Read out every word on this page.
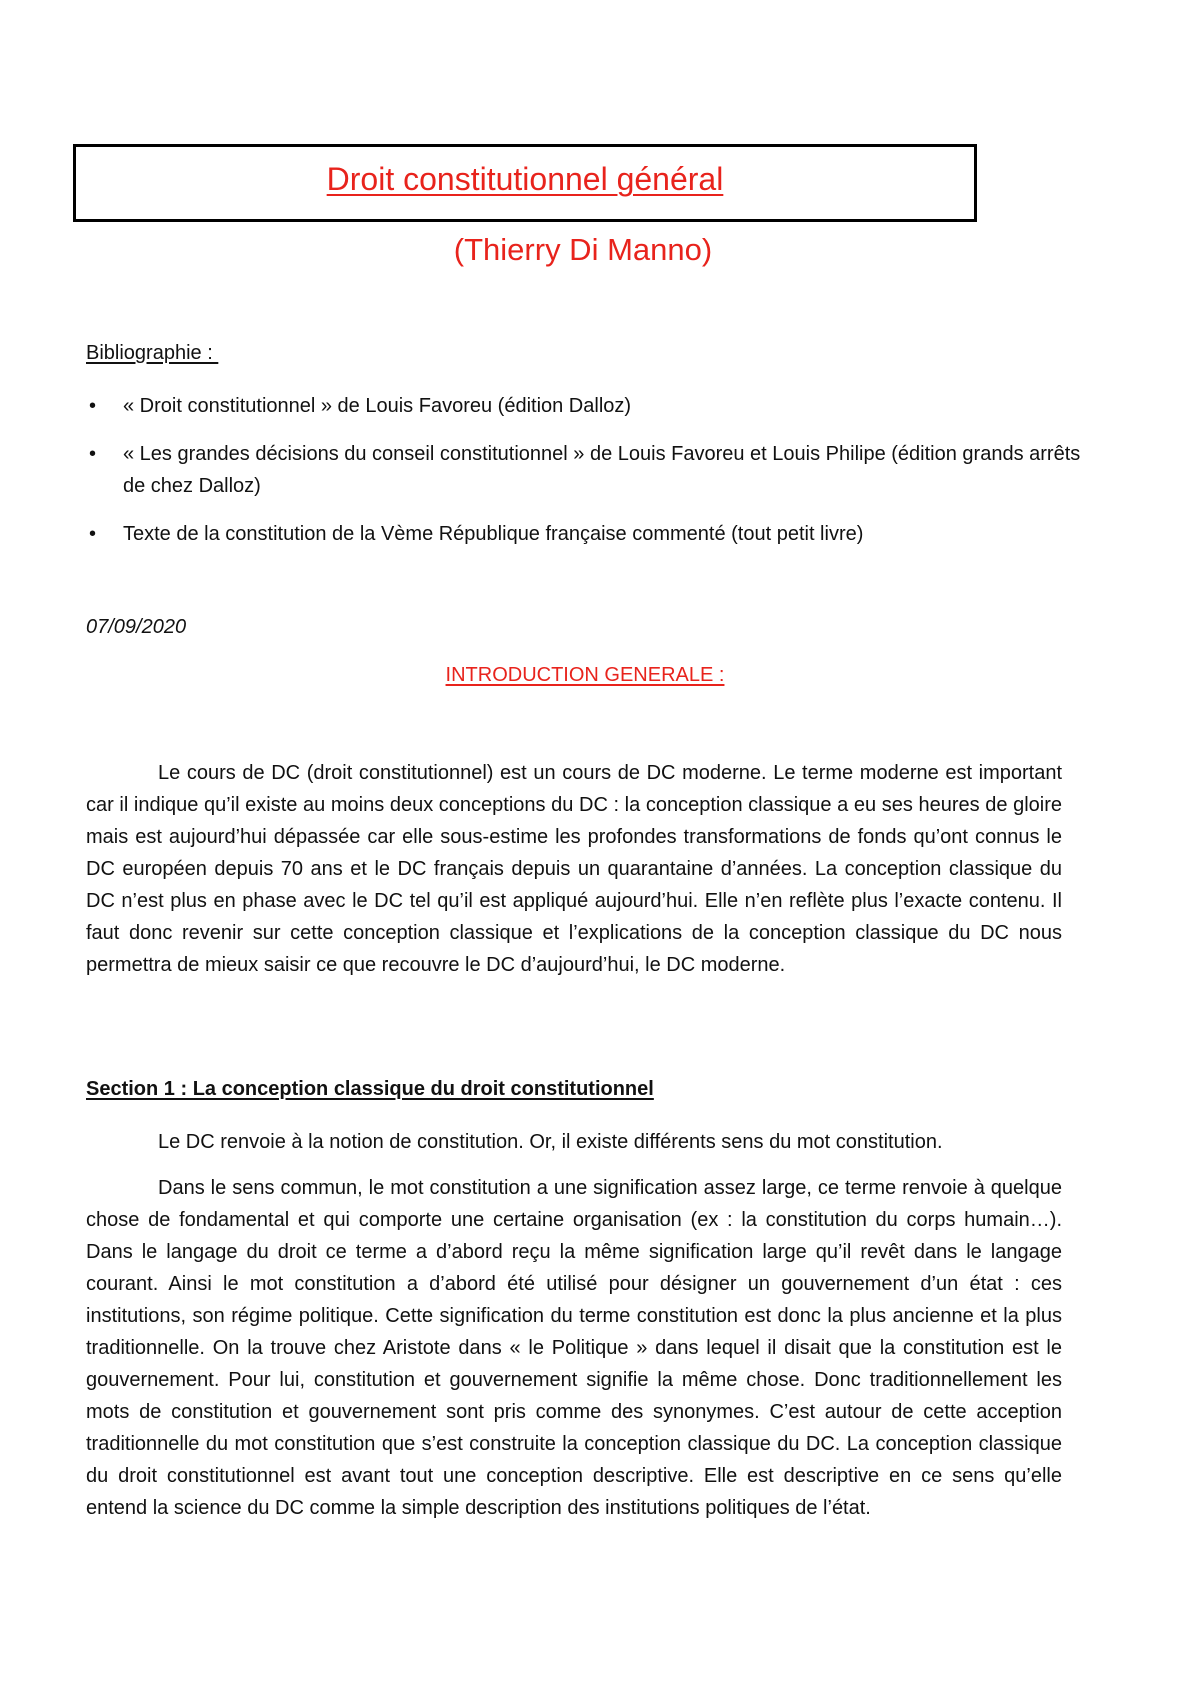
Droit constitutionnel général
(Thierry Di Manno)
Bibliographie :
• « Droit constitutionnel » de Louis Favoreu (édition Dalloz)
• « Les grandes décisions du conseil constitutionnel » de Louis Favoreu et Louis Philipe (édition grands arrêts de chez Dalloz)
• Texte de la constitution de la Vème République française commenté (tout petit livre)
07/09/2020
INTRODUCTION GENERALE :

Le cours de DC (droit constitutionnel) est un cours de DC moderne. Le terme moderne est important car il indique qu’il existe au moins deux conceptions du DC : la conception classique a eu ses heures de gloire mais est aujourd’hui dépassée car elle sous-estime les profondes transformations de fonds qu’ont connus le DC européen depuis 70 ans et le DC français depuis un quarantaine d’années. La conception classique du DC n’est plus en phase avec le DC tel qu’il est appliqué aujourd’hui. Elle n’en reflète plus l’exacte contenu. Il faut donc revenir sur cette conception classique et l’explications de la conception classique du DC nous permettra de mieux saisir ce que recouvre le DC d’aujourd’hui, le DC moderne.

Section 1 : La conception classique du droit constitutionnel

Le DC renvoie à la notion de constitution. Or, il existe différents sens du mot constitution.

Dans le sens commun, le mot constitution a une signification assez large, ce terme renvoie à quelque chose de fondamental et qui comporte une certaine organisation (ex : la constitution du corps humain…). Dans le langage du droit ce terme a d’abord reçu la même signification large qu’il revêt dans le langage courant. Ainsi le mot constitution a d’abord été utilisé pour désigner un gouvernement d’un état : ces institutions, son régime politique. Cette signification du terme constitution est donc la plus ancienne et la plus traditionnelle. On la trouve chez Aristote dans « le Politique » dans lequel il disait que la constitution est le gouvernement. Pour lui, constitution et gouvernement signifie la même chose. Donc traditionnellement les mots de constitution et gouvernement sont pris comme des synonymes. C’est autour de cette acception traditionnelle du mot constitution que s’est construite la conception classique du DC. La conception classique du droit constitutionnel est avant tout une conception descriptive. Elle est descriptive en ce sens qu’elle entend la science du DC comme la simple description des institutions politiques de l’état.
